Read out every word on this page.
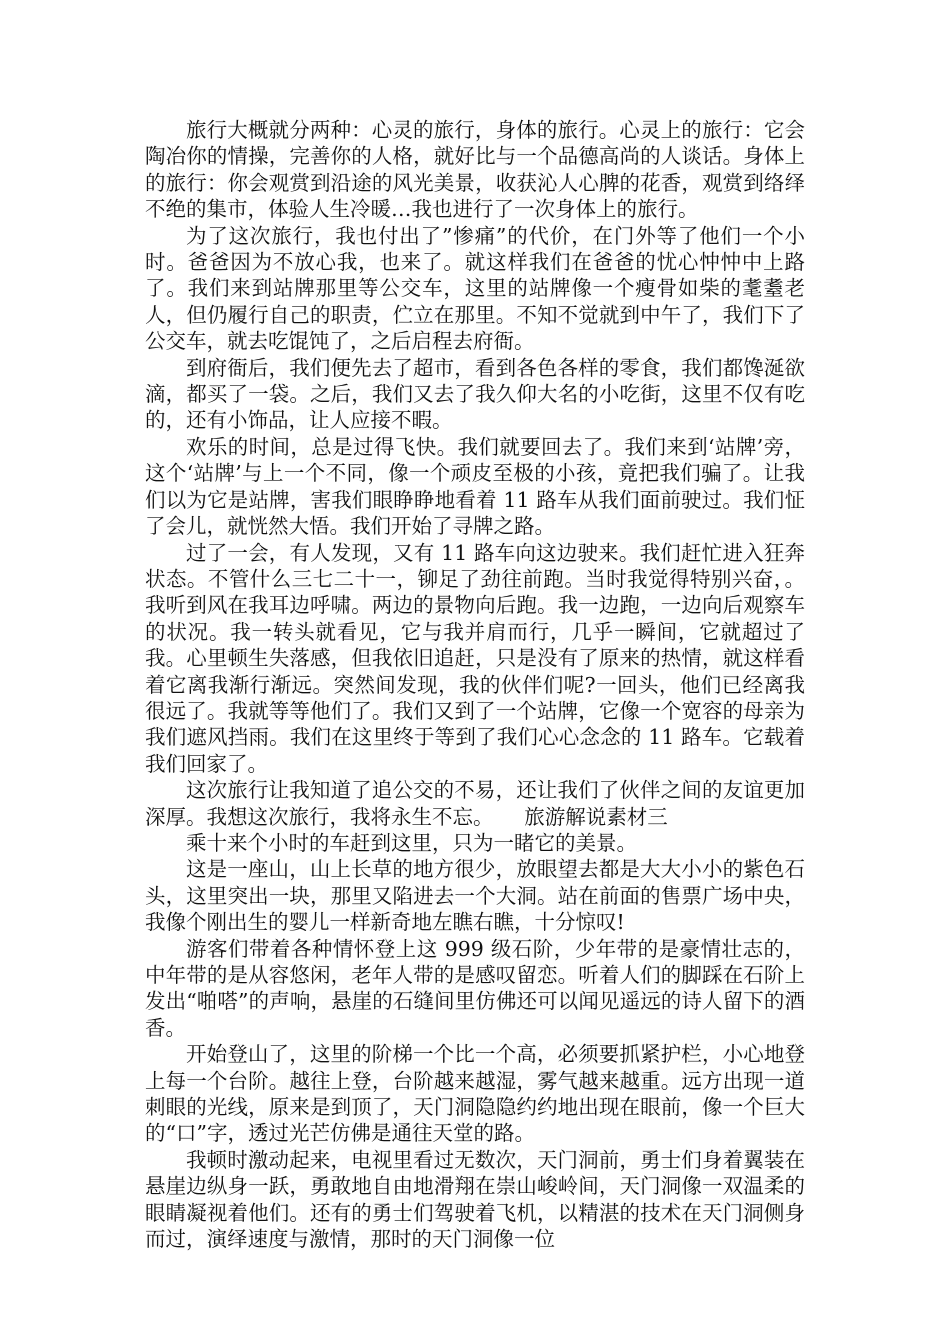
旅行大概就分两种：心灵的旅行，身体的旅行。心灵上的旅行：它会陶冶你的情操，完善你的人格，就好比与一个品德高尚的人谈话。身体上的旅行：你会观赏到沿途的风光美景，收获沁人心脾的花香，观赏到络绎不绝的集市，体验人生冷暖…我也进行了一次身体上的旅行。

为了这次旅行，我也付出了”惨痛”的代价，在门外等了他们一个小时。爸爸因为不放心我，也来了。就这样我们在爸爸的忧心忡忡中上路了。我们来到站牌那里等公交车，这里的站牌像一个瘦骨如柴的耄耋老人，但仍履行自己的职责，伫立在那里。不知不觉就到中午了，我们下了公交车，就去吃馄饨了，之后启程去府衙。

到府衙后，我们便先去了超市，看到各色各样的零食，我们都馋涎欲滴，都买了一袋。之后，我们又去了我久仰大名的小吃街，这里不仅有吃的，还有小饰品，让人应接不暇。

欢乐的时间，总是过得飞快。我们就要回去了。我们来到‘站牌’旁，这个‘站牌’与上一个不同，像一个顽皮至极的小孩，竟把我们骗了。让我们以为它是站牌，害我们眼睁睁地看着 11 路车从我们面前驶过。我们怔了会儿，就恍然大悟。我们开始了寻牌之路。

过了一会，有人发现，又有 11 路车向这边驶来。我们赶忙进入狂奔状态。不管什么三七二十一，铆足了劲往前跑。当时我觉得特别兴奋，。我听到风在我耳边呼啸。两边的景物向后跑。我一边跑，一边向后观察车的状况。我一转头就看见，它与我并肩而行，几乎一瞬间，它就超过了我。心里顿生失落感，但我依旧追赶，只是没有了原来的热情，就这样看着它离我渐行渐远。突然间发现，我的伙伴们呢?一回头，他们已经离我很远了。我就等等他们了。我们又到了一个站牌，它像一个宽容的母亲为我们遮风挡雨。我们在这里终于等到了我们心心念念的 11 路车。它载着我们回家了。

这次旅行让我知道了追公交的不易，还让我们了伙伴之间的友谊更加深厚。我想这次旅行，我将永生不忘。　　旅游解说素材三

乘十来个小时的车赶到这里，只为一睹它的美景。

这是一座山，山上长草的地方很少，放眼望去都是大大小小的紫色石头，这里突出一块，那里又陷进去一个大洞。站在前面的售票广场中央，我像个刚出生的婴儿一样新奇地左瞧右瞧，十分惊叹!

游客们带着各种情怀登上这 999 级石阶，少年带的是豪情壮志的，中年带的是从容悠闲，老年人带的是感叹留恋。听着人们的脚踩在石阶上发出“啪嗒”的声响，悬崖的石缝间里仿佛还可以闻见遥远的诗人留下的酒香。

开始登山了，这里的阶梯一个比一个高，必须要抓紧护栏，小心地登上每一个台阶。越往上登，台阶越来越湿，雾气越来越重。远方出现一道刺眼的光线，原来是到顶了，天门洞隐隐约约地出现在眼前，像一个巨大的“口”字，透过光芒仿佛是通往天堂的路。

我顿时激动起来，电视里看过无数次，天门洞前，勇士们身着翼装在悬崖边纵身一跃，勇敢地自由地滑翔在崇山峻岭间，天门洞像一双温柔的眼睛凝视着他们。还有的勇士们驾驶着飞机，以精湛的技术在天门洞侧身而过，演绎速度与激情，那时的天门洞像一位
